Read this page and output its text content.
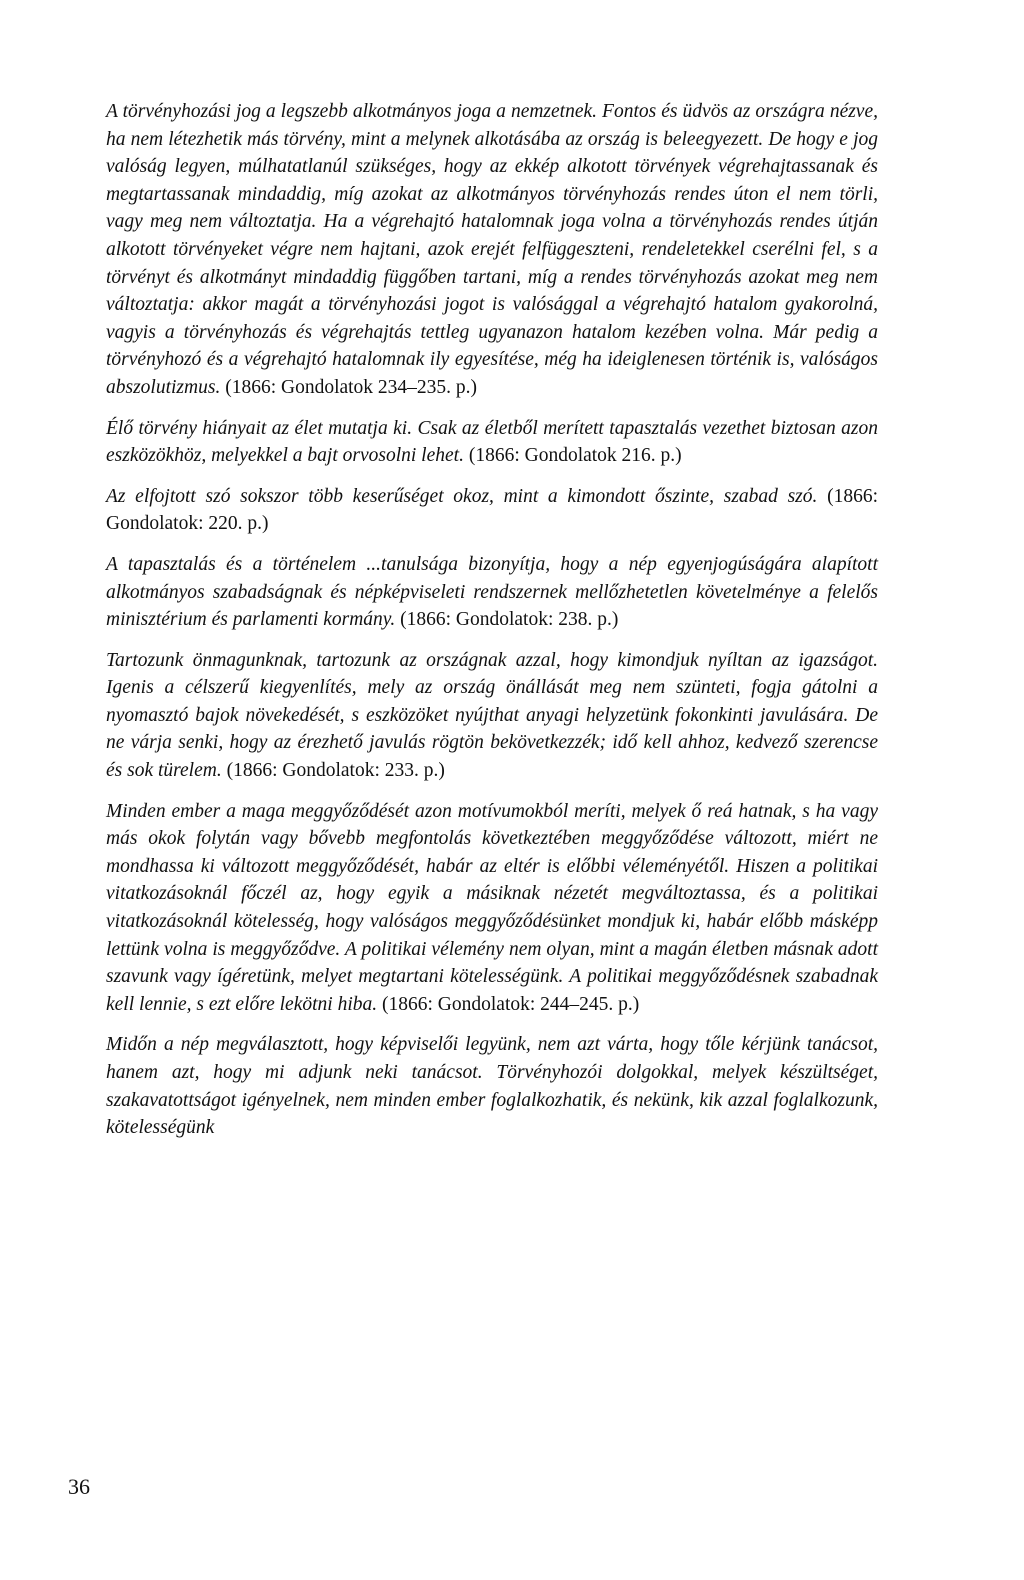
A törvényhozási jog a legszebb alkotmányos joga a nemzetnek. Fontos és üdvös az országra nézve, ha nem létezhetik más törvény, mint a melynek alkotásába az ország is beleegyezett. De hogy e jog valóság legyen, múlhatatlanúl szükséges, hogy az ekkép alkotott törvények végrehajtassanak és megtartassanak mindaddig, míg azokat az alkotmányos törvényhozás rendes úton el nem törli, vagy meg nem változtatja. Ha a végrehajtó hatalomnak joga volna a törvényhozás rendes útján alkotott törvényeket végre nem hajtani, azok erejét felfüggeszteni, rendeletekkel cserélni fel, s a törvényt és alkotmányt mindaddig függőben tartani, míg a rendes törvényhozás azokat meg nem változtatja: akkor magát a törvényhozási jogot is valósággal a végrehajtó hatalom gyakorolná, vagyis a törvényhozás és végrehajtás tettleg ugyanazon hatalom kezében volna. Már pedig a törvényhozó és a végrehajtó hatalomnak ily egyesítése, még ha ideiglenesen történik is, valóságos abszolutizmus. (1866: Gondolatok 234–235. p.)

Élő törvény hiányait az élet mutatja ki. Csak az életből merített tapasztalás vezethet biztosan azon eszközökhöz, melyekkel a bajt orvosolni lehet. (1866: Gondolatok 216. p.)

Az elfojtott szó sokszor több keserűséget okoz, mint a kimondott őszinte, szabad szó. (1866: Gondolatok: 220. p.)

A tapasztalás és a történelem ...tanulsága bizonyítja, hogy a nép egyenjogúságára alapított alkotmányos szabadságnak és népképviseleti rendszernek mellőzhetetlen követelménye a felelős minisztérium és parlamenti kormány. (1866: Gondolatok: 238. p.)

Tartozunk önmagunknak, tartozunk az országnak azzal, hogy kimondjuk nyíltan az igazságot. Igenis a célszerű kiegyenlítés, mely az ország önállását meg nem szünteti, fogja gátolni a nyomasztó bajok növekedését, s eszközöket nyújthat anyagi helyzetünk fokonkinti javulására. De ne várja senki, hogy az érezhető javulás rögtön bekövetkezzék; idő kell ahhoz, kedvező szerencse és sok türelem. (1866: Gondolatok: 233. p.)

Minden ember a maga meggyőződését azon motívumokból meríti, melyek ő reá hatnak, s ha vagy más okok folytán vagy bővebb megfontolás következtében meggyőződése változott, miért ne mondhassa ki változott meggyőződését, habár az eltér is előbbi véleményétől. Hiszen a politikai vitatkozásoknál főczél az, hogy egyik a másiknak nézetét megváltoztassa, és a politikai vitatkozásoknál kötelesség, hogy valóságos meggyőződésünket mondjuk ki, habár előbb másképp lettünk volna is meggyőződve. A politikai vélemény nem olyan, mint a magán életben másnak adott szavunk vagy ígéretünk, melyet megtartani kötelességünk. A politikai meggyőződésnek szabadnak kell lennie, s ezt előre lekötni hiba. (1866: Gondolatok: 244–245. p.)

Midőn a nép megválasztott, hogy képviselői legyünk, nem azt várta, hogy tőle kérjünk tanácsot, hanem azt, hogy mi adjunk neki tanácsot. Törvényhozói dolgokkal, melyek készültséget, szakavatottságot igényelnek, nem minden ember foglalkozhatik, és nekünk, kik azzal foglalkozunk, kötelességünk

36
